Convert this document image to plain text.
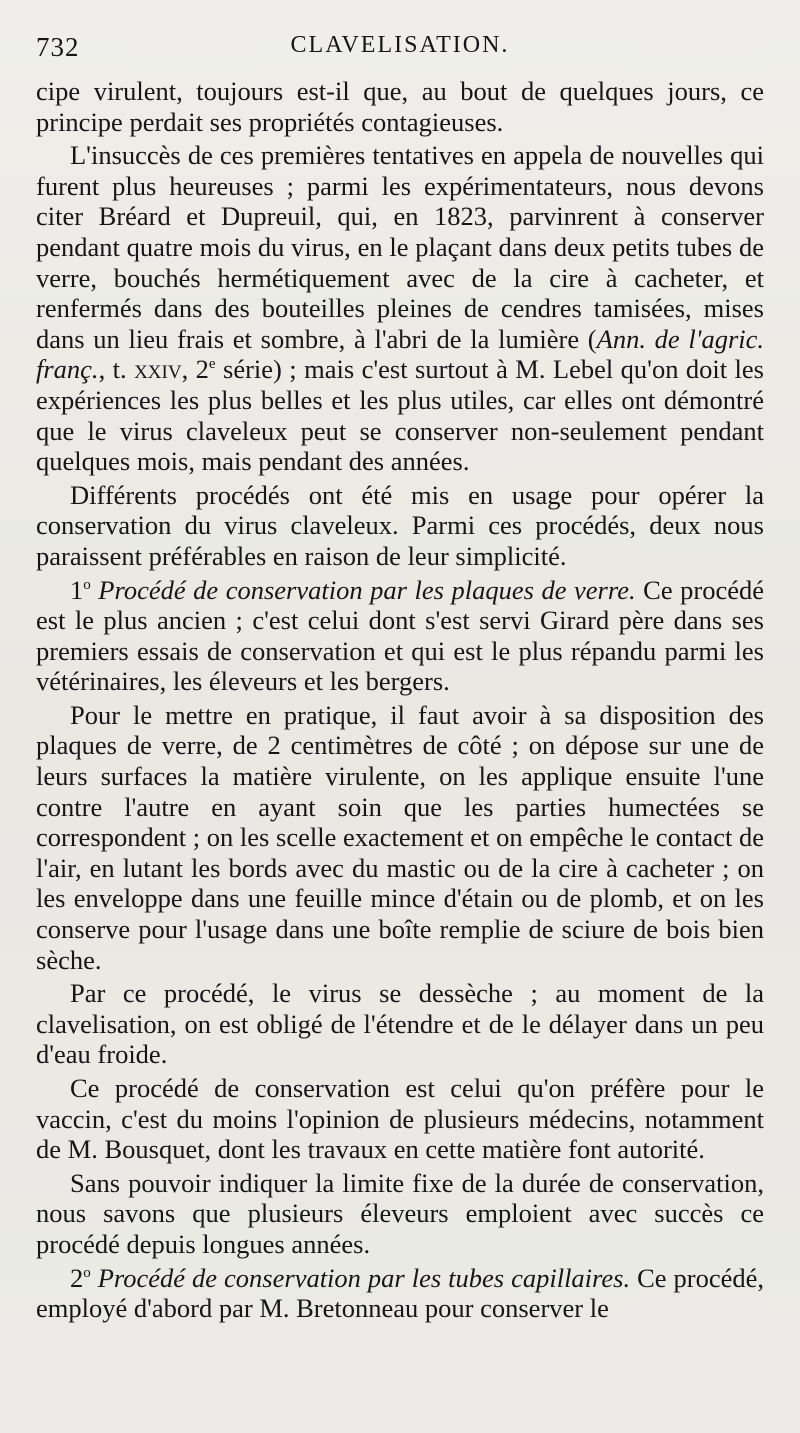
732	CLAVELISATION.

cipe virulent, toujours est-il que, au bout de quelques jours, ce principe perdait ses propriétés contagieuses.

L'insuccès de ces premières tentatives en appela de nouvelles qui furent plus heureuses ; parmi les expérimentateurs, nous devons citer Bréard et Dupreuil, qui, en 1823, parvinrent à conserver pendant quatre mois du virus, en le plaçant dans deux petits tubes de verre, bouchés hermétiquement avec de la cire à cacheter, et renfermés dans des bouteilles pleines de cendres tamisées, mises dans un lieu frais et sombre, à l'abri de la lumière (Ann. de l'agric. franç., t. xxiv, 2e série) ; mais c'est surtout à M. Lebel qu'on doit les expériences les plus belles et les plus utiles, car elles ont démontré que le virus claveleux peut se conserver non-seulement pendant quelques mois, mais pendant des années.

Différents procédés ont été mis en usage pour opérer la conservation du virus claveleux. Parmi ces procédés, deux nous paraissent préférables en raison de leur simplicité.

1$^o$ Procédé de conservation par les plaques de verre. Ce procédé est le plus ancien ; c'est celui dont s'est servi Girard père dans ses premiers essais de conservation et qui est le plus répandu parmi les vétérinaires, les éleveurs et les bergers.

Pour le mettre en pratique, il faut avoir à sa disposition des plaques de verre, de 2 centimètres de côté ; on dépose sur une de leurs surfaces la matière virulente, on les applique ensuite l'une contre l'autre en ayant soin que les parties humectées se correspondent ; on les scelle exactement et on empêche le contact de l'air, en lutant les bords avec du mastic ou de la cire à cacheter ; on les enveloppe dans une feuille mince d'étain ou de plomb, et on les conserve pour l'usage dans une boîte remplie de sciure de bois bien sèche.

Par ce procédé, le virus se dessèche ; au moment de la clavelisation, on est obligé de l'étendre et de le délayer dans un peu d'eau froide.

Ce procédé de conservation est celui qu'on préfère pour le vaccin, c'est du moins l'opinion de plusieurs médecins, notamment de M. Bousquet, dont les travaux en cette matière font autorité.

Sans pouvoir indiquer la limite fixe de la durée de conservation, nous savons que plusieurs éleveurs emploient avec succès ce procédé depuis longues années.

2$^o$ Procédé de conservation par les tubes capillaires. Ce procédé, employé d'abord par M. Bretonneau pour conserver le
